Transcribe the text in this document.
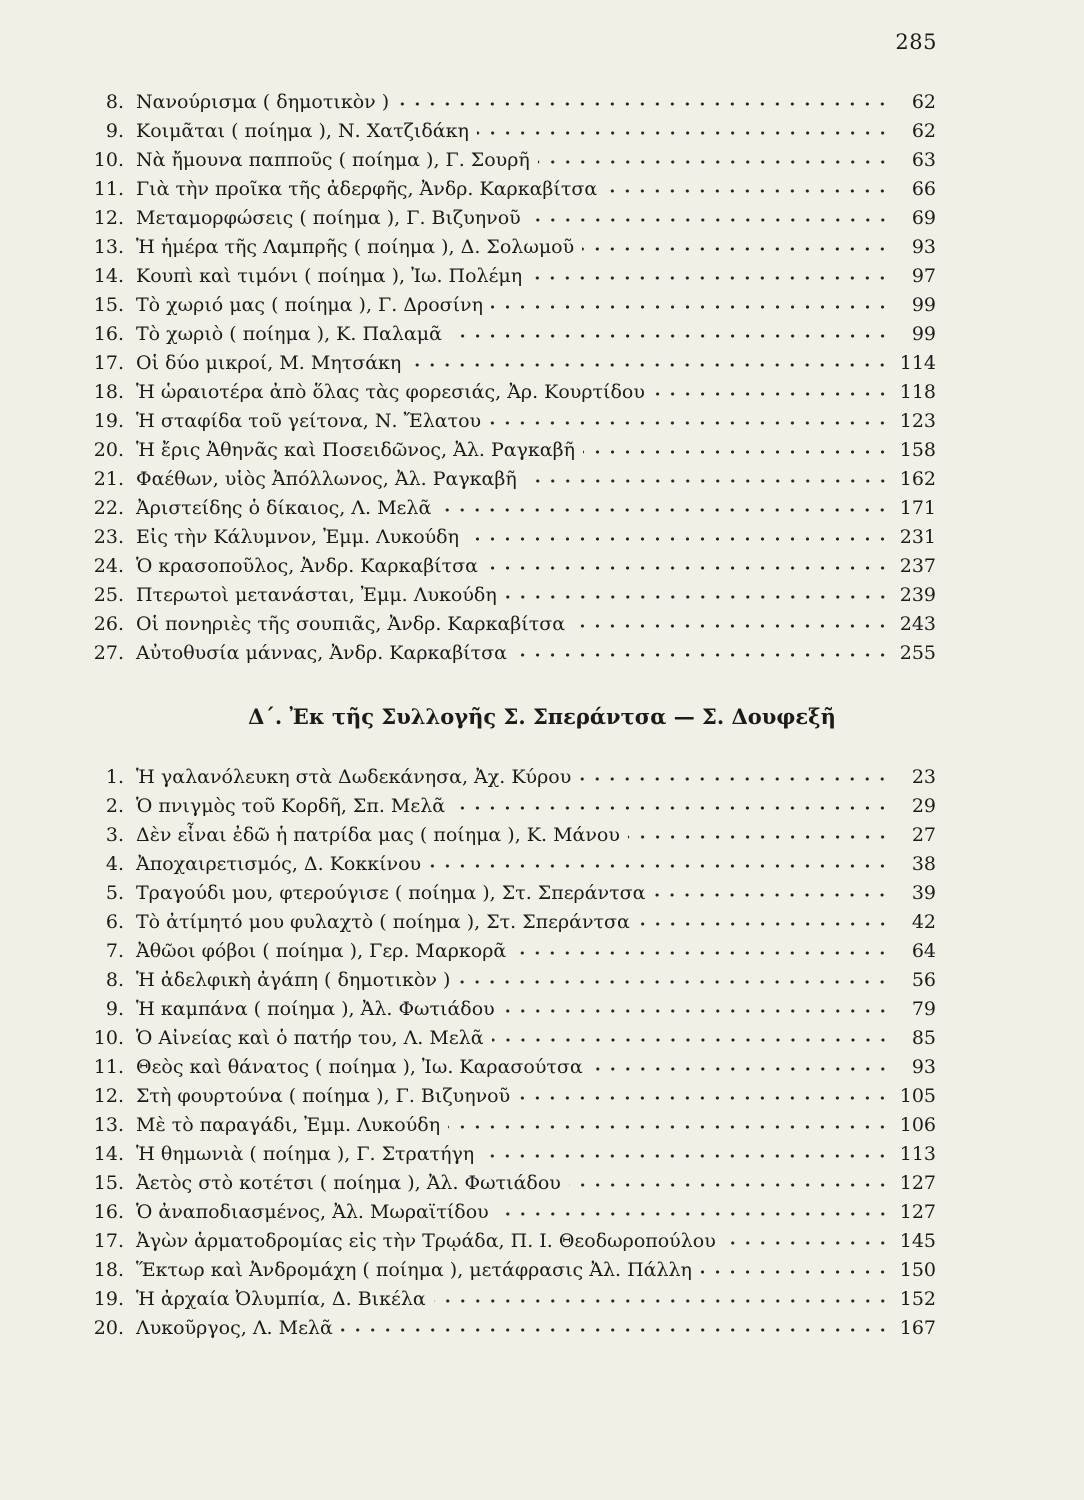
285
8. Νανούρισμα ( δημοτικὸν )	62
9. Κοιμᾶται ( ποίημα ), Ν. Χατζιδάκη	62
10. Νὰ ἤμουνα παπποῦς ( ποίημα ), Γ. Σουρῆ	63
11. Γιὰ τὴν προῖκα τῆς ἀδερφῆς, Ἀνδρ. Καρκαβίτσα	66
12. Μεταμορφώσεις ( ποίημα ), Γ. Βιζυηνοῦ	69
13. Ἡ ἡμέρα τῆς Λαμπρῆς ( ποίημα ), Δ. Σολωμοῦ	93
14. Κουπὶ καὶ τιμόνι ( ποίημα ), Ἰω. Πολέμη	97
15. Τὸ χωριό μας ( ποίημα ), Γ. Δροσίνη	99
16. Τὸ χωριὸ ( ποίημα ), Κ. Παλαμᾶ	99
17. Οἱ δύο μικροί, Μ. Μητσάκη	114
18. Ἡ ὡραιοτέρα ἀπὸ ὅλας τὰς φορεσιάς, Ἀρ. Κουρτίδου	118
19. Ἡ σταφίδα τοῦ γείτονα, Ν. Ἔλατου	123
20. Ἡ ἔρις Ἀθηνᾶς καὶ Ποσειδῶνος, Ἀλ. Ραγκαβῆ	158
21. Φαέθων, υἱὸς Ἀπόλλωνος, Ἀλ. Ραγκαβῆ	162
22. Ἀριστείδης ὁ δίκαιος, Λ. Μελᾶ	171
23. Εἰς τὴν Κάλυμνον, Ἐμμ. Λυκούδη	231
24. Ὁ κρασοποῦλος, Ἀνδρ. Καρκαβίτσα	237
25. Πτερωτοὶ μετανάσται, Ἐμμ. Λυκούδη	239
26. Οἱ πονηριὲς τῆς σουπιᾶς, Ἀνδρ. Καρκαβίτσα	243
27. Αὐτοθυσία μάννας, Ἀνδρ. Καρκαβίτσα	255
Δ΄. Ἐκ τῆς Συλλογῆς Σ. Σπεράντσα — Σ. Δουφεξῆ
1. Ἡ γαλανόλευκη στὰ Δωδεκάνησα, Ἀχ. Κύρου	23
2. Ὁ πνιγμὸς τοῦ Κορδῆ, Σπ. Μελᾶ	29
3. Δὲν εἶναι ἐδῶ ἡ πατρίδα μας ( ποίημα ), Κ. Μάνου	27
4. Ἀποχαιρετισμός, Δ. Κοκκίνου	38
5. Τραγούδι μου, φτερούγισε ( ποίημα ), Στ. Σπεράντσα	39
6. Τὸ ἀτίμητό μου φυλαχτὸ ( ποίημα ), Στ. Σπεράντσα	42
7. Ἀθῶοι φόβοι ( ποίημα ), Γερ. Μαρκορᾶ	64
8. Ἡ ἀδελφικὴ ἀγάπη ( δημοτικὸν )	56
9. Ἡ καμπάνα ( ποίημα ), Ἀλ. Φωτιάδου	79
10. Ὁ Αἰνείας καὶ ὁ πατήρ του, Λ. Μελᾶ	85
11. Θεὸς καὶ θάνατος ( ποίημα ), Ἰω. Καρασούτσα	93
12. Στὴ φουρτούνα ( ποίημα ), Γ. Βιζυηνοῦ	105
13. Μὲ τὸ παραγάδι, Ἐμμ. Λυκούδη	106
14. Ἡ θημωνιὰ ( ποίημα ), Γ. Στρατήγη	113
15. Ἀετὸς στὸ κοτέτσι ( ποίημα ), Ἀλ. Φωτιάδου	127
16. Ὁ ἀναποδιασμένος, Ἀλ. Μωραϊτίδου	127
17. Ἀγὼν ἁρματοδρομίας εἰς τὴν Τρῳάδα, Π. Ι. Θεοδωροπούλου	145
18. Ἕκτωρ καὶ Ἀνδρομάχη ( ποίημα ), μετάφρασις Ἀλ. Πάλλη	150
19. Ἡ ἀρχαία Ὀλυμπία, Δ. Βικέλα	152
20. Λυκοῦργος, Λ. Μελᾶ	167
